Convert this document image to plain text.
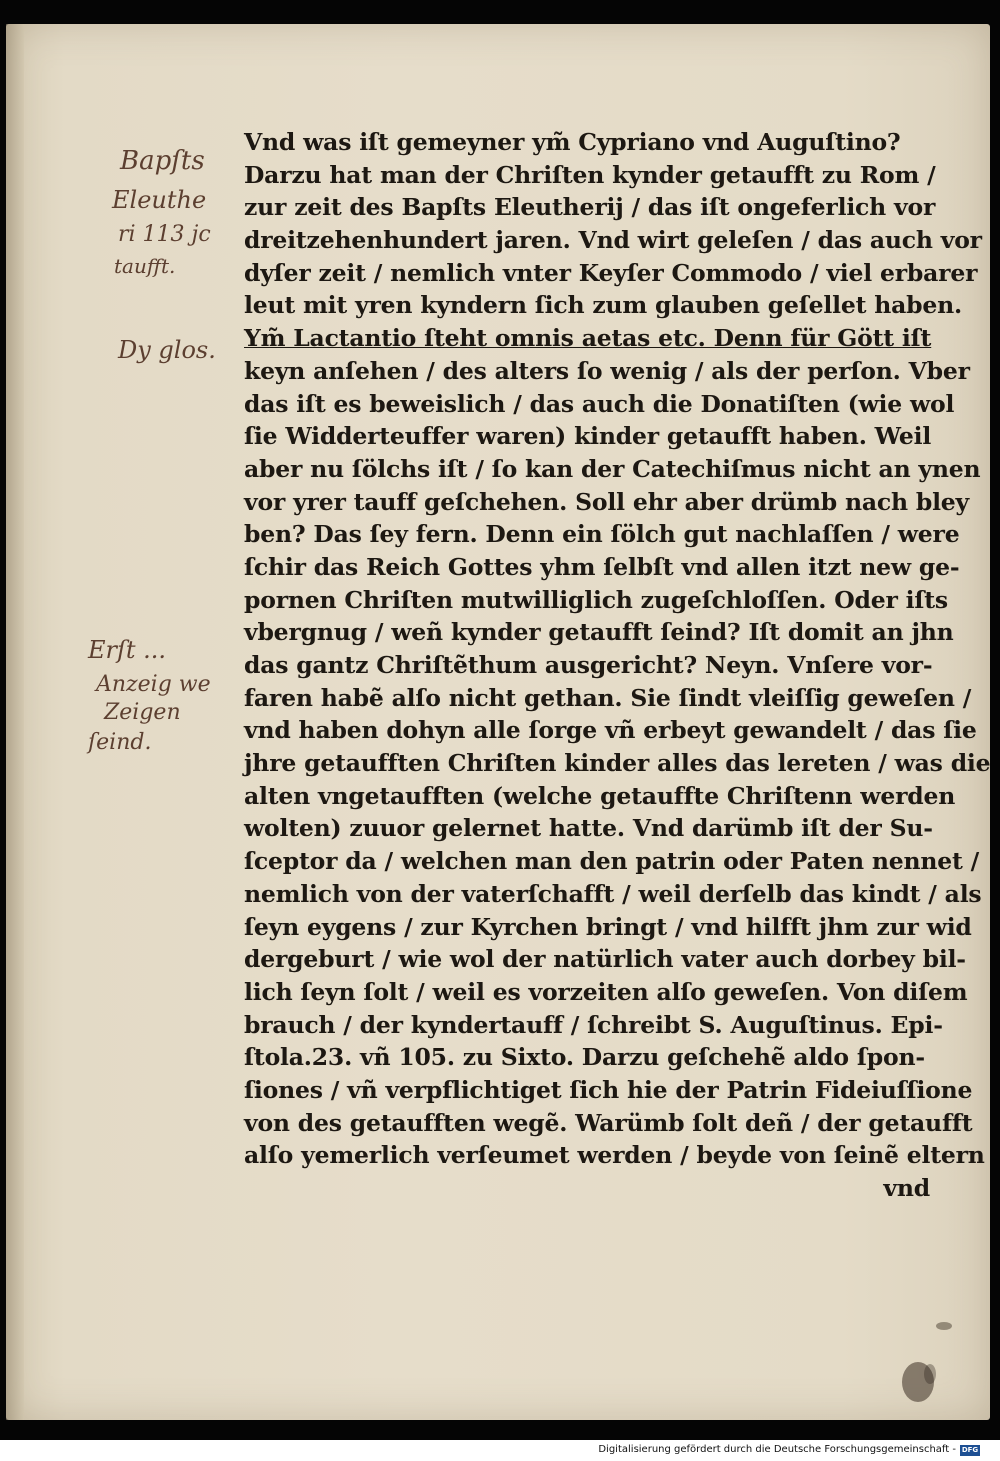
Bapſts
Eleuthe
ri 113 jc
taufft.
Dy glos.
Erſt ...
Anzeig we
Zeigen
ſeind.
Vnd was iſt gemeyner ym̃ Cypriano vnd Auguſtino?
Darzu hat man der Chriſten kynder getaufft zu Rom /
zur zeit des Bapſts Eleutherij / das iſt ongeferlich vor
dreitzehenhundert jaren. Vnd wirt geleſen / das auch vor
dyſer zeit / nemlich vnter Keyſer Commodo / viel erbarer
leut mit yren kyndern ſich zum glauben geſellet haben.
Ym̃ Lactantio ſteht omnis aetas etc. Denn für Gött iſt
keyn anſehen / des alters ſo wenig / als der perſon. Vber
das iſt es beweislich / das auch die Donatiſten (wie wol
ſie Widderteuffer waren) kinder getaufft haben. Weil
aber nu ſölchs iſt / ſo kan der Catechiſmus nicht an ynen
vor yrer tauff geſchehen. Soll ehr aber drümb nach bley
ben? Das ſey fern. Denn ein ſölch gut nachlaſſen / were
ſchir das Reich Gottes yhm ſelbſt vnd allen itzt new ge-
pornen Chriſten mutwilliglich zugeſchloſſen. Oder iſts
vbergnug / weñ kynder getaufft ſeind? Iſt domit an jhn
das gantz Chriſtẽthum ausgericht? Neyn. Vnſere vor-
faren habẽ alſo nicht gethan. Sie ſindt vleiſſig geweſen /
vnd haben dohyn alle ſorge vñ erbeyt gewandelt / das ſie
jhre getaufften Chriſten kinder alles das lereten / was die
alten vngetaufften (welche getauffte Chriſtenn werden
wolten) zuuor gelernet hatte. Vnd darümb iſt der Su-
ſceptor da / welchen man den patrin oder Paten nennet /
nemlich von der vaterſchafft / weil derſelb das kindt / als
ſeyn eygens / zur Kyrchen bringt / vnd hilfft jhm zur wid
dergeburt / wie wol der natürlich vater auch dorbey bil-
lich ſeyn ſolt / weil es vorzeiten alſo geweſen. Von diſem
brauch / der kyndertauff / ſchreibt S. Auguſtinus. Epi-
ſtola.23. vñ 105. zu Sixto. Darzu geſchehẽ aldo ſpon-
ſiones / vñ verpflichtiget ſich hie der Patrin Fideiuſſione
von des getaufften wegẽ. Warümb ſolt deñ / der getaufft
alſo yemerlich verſeumet werden / beyde von ſeinẽ eltern
vnd
Digitalisierung gefördert durch die Deutsche Forschungsgemeinschaft - DFG
